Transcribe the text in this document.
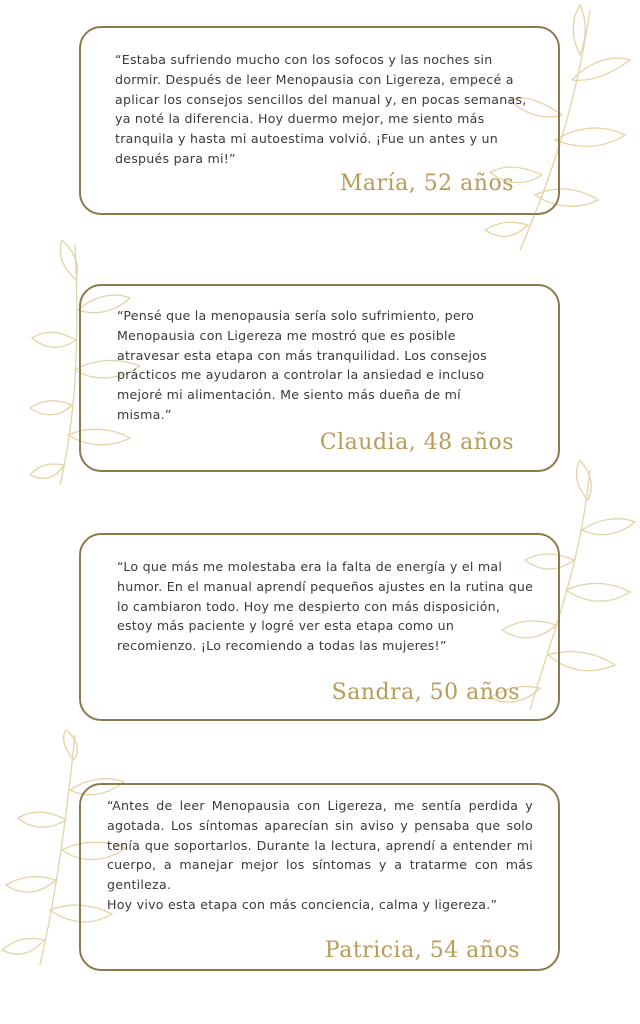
“Estaba sufriendo mucho con los sofocos y las noches sin dormir. Después de leer Menopausia con Ligereza, empecé a aplicar los consejos sencillos del manual y, en pocas semanas, ya noté la diferencia. Hoy duermo mejor, me siento más tranquila y hasta mi autoestima volvió. ¡Fue un antes y un después para mi!”

María, 52 años

“Pensé que la menopausia sería solo sufrimiento, pero Menopausia con Ligereza me mostró que es posible atravesar esta etapa con más tranquilidad. Los consejos prácticos me ayudaron a controlar la ansiedad e incluso mejoré mi alimentación. Me siento más dueña de mí misma.”

Claudia, 48 años

“Lo que más me molestaba era la falta de energía y el mal humor. En el manual aprendí pequeños ajustes en la rutina que lo cambiaron todo. Hoy me despierto con más disposición, estoy más paciente y logré ver esta etapa como un recomienzo. ¡Lo recomiendo a todas las mujeres!”

Sandra, 50 años

“Antes de leer Menopausia con Ligereza, me sentía perdida y agotada. Los síntomas aparecían sin aviso y pensaba que solo tenía que soportarlos. Durante la lectura, aprendí a entender mi cuerpo, a manejar mejor los síntomas y a tratarme con más gentileza.
Hoy vivo esta etapa con más conciencia, calma y ligereza.”

Patricia, 54 años
